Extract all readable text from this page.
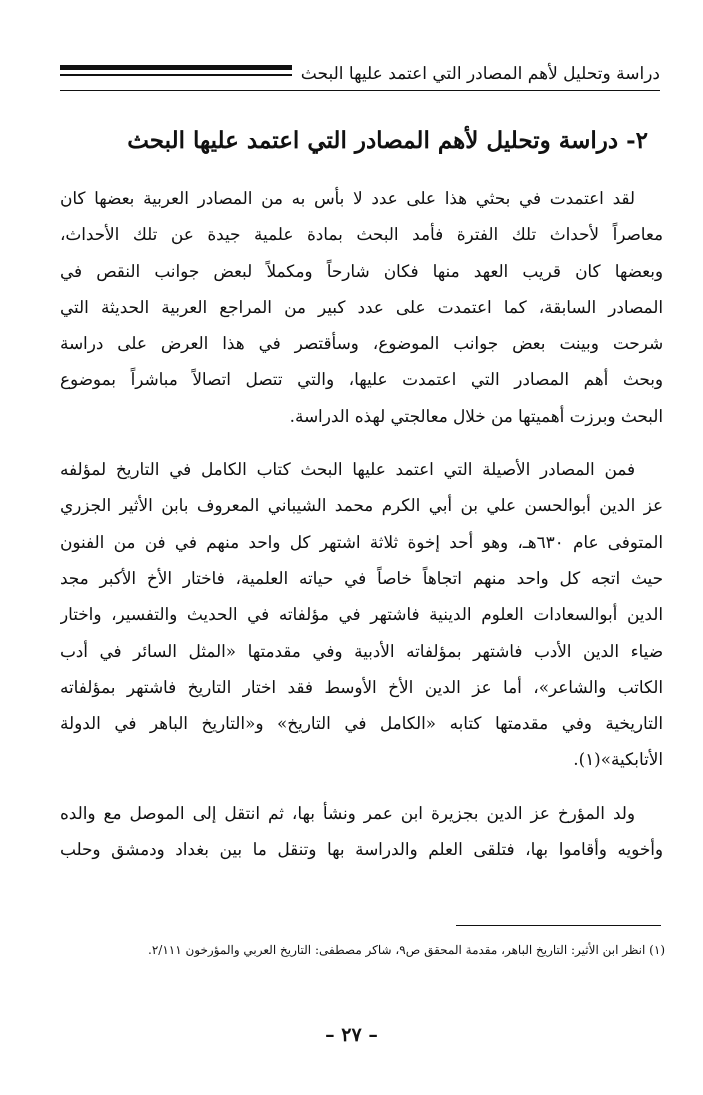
دراسة وتحليل لأهم المصادر التي اعتمد عليها البحث
٢- دراسة وتحليل لأهم المصادر التي اعتمد عليها البحث
لقد اعتمدت في بحثي هذا على عدد لا بأس به من المصادر العربية بعضها كان
معاصراً لأحداث تلك الفترة فأمد البحث بمادة علمية جيدة عن تلك الأحداث،
وبعضها كان قريب العهد منها فكان شارحاً ومكملاً لبعض جوانب النقص في
المصادر السابقة، كما اعتمدت على عدد كبير من المراجع العربية الحديثة التي
شرحت وبينت بعض جوانب الموضوع، وسأقتصر في هذا العرض على دراسة
وبحث أهم المصادر التي اعتمدت عليها، والتي تتصل اتصالاً مباشراً بموضوع
البحث وبرزت أهميتها من خلال معالجتي لهذه الدراسة.
فمن المصادر الأصيلة التي اعتمد عليها البحث كتاب الكامل في التاريخ لمؤلفه
عز الدين أبوالحسن علي بن أبي الكرم محمد الشيباني المعروف بابن الأثير الجزري
المتوفى عام ٦٣٠هـ، وهو أحد إخوة ثلاثة اشتهر كل واحد منهم في فن من الفنون
حيث اتجه كل واحد منهم اتجاهاً خاصاً في حياته العلمية، فاختار الأخ الأكبر مجد
الدين أبوالسعادات العلوم الدينية فاشتهر في مؤلفاته في الحديث والتفسير، واختار
ضياء الدين الأدب فاشتهر بمؤلفاته الأدبية وفي مقدمتها «المثل السائر في أدب
الكاتب والشاعر»، أما عز الدين الأخ الأوسط فقد اختار التاريخ فاشتهر بمؤلفاته
التاريخية وفي مقدمتها كتابه «الكامل في التاريخ» و«التاريخ الباهر في الدولة
الأتابكية»(١).
ولد المؤرخ عز الدين بجزيرة ابن عمر ونشأ بها، ثم انتقل إلى الموصل مع والده
وأخويه وأقاموا بها، فتلقى العلم والدراسة بها وتنقل ما بين بغداد ودمشق وحلب
(١) انظر ابن الأثير: التاريخ الباهر، مقدمة المحقق ص٩، شاكر مصطفى: التاريخ العربي والمؤرخون ٢/١١١.
– ٢٧ –
